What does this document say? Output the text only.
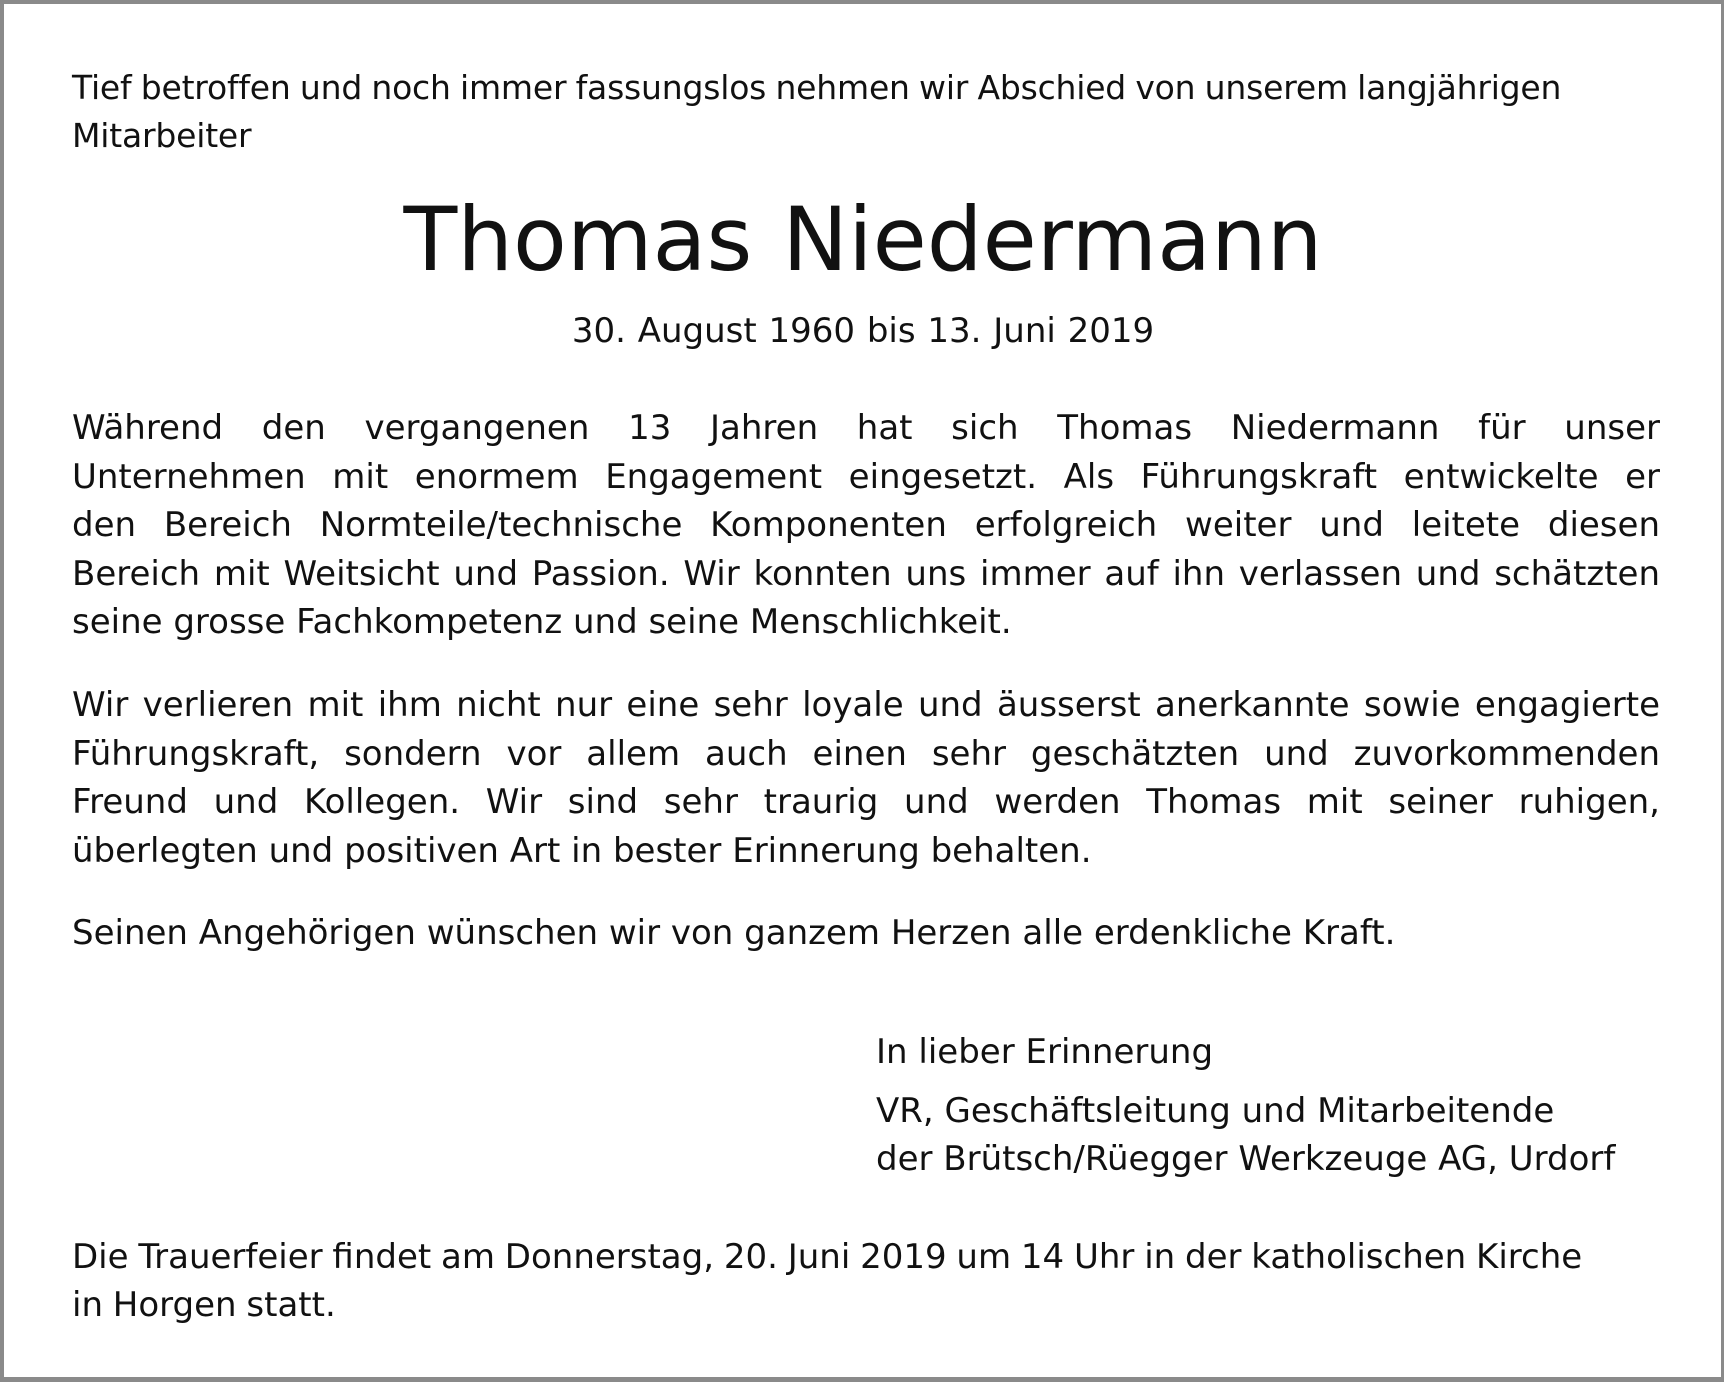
Tief betroffen und noch immer fassungslos nehmen wir Abschied von unserem langjährigen
Mitarbeiter
Thomas Niedermann
30. August 1960 bis 13. Juni 2019
Während den vergangenen 13 Jahren hat sich Thomas Niedermann für unser
Unternehmen mit enormem Engagement eingesetzt. Als Führungskraft entwickelte er
den Bereich Normteile/technische Komponenten erfolgreich weiter und leitete diesen
Bereich mit Weitsicht und Passion. Wir konnten uns immer auf ihn verlassen und schätzten
seine grosse Fachkompetenz und seine Menschlichkeit.
Wir verlieren mit ihm nicht nur eine sehr loyale und äusserst anerkannte sowie engagierte
Führungskraft, sondern vor allem auch einen sehr geschätzten und zuvorkommenden
Freund und Kollegen. Wir sind sehr traurig und werden Thomas mit seiner ruhigen,
überlegten und positiven Art in bester Erinnerung behalten.
Seinen Angehörigen wünschen wir von ganzem Herzen alle erdenkliche Kraft.
In lieber Erinnerung
VR, Geschäftsleitung und Mitarbeitende
der Brütsch/Rüegger Werkzeuge AG, Urdorf
Die Trauerfeier findet am Donnerstag, 20. Juni 2019 um 14 Uhr in der katholischen Kirche
in Horgen statt.
